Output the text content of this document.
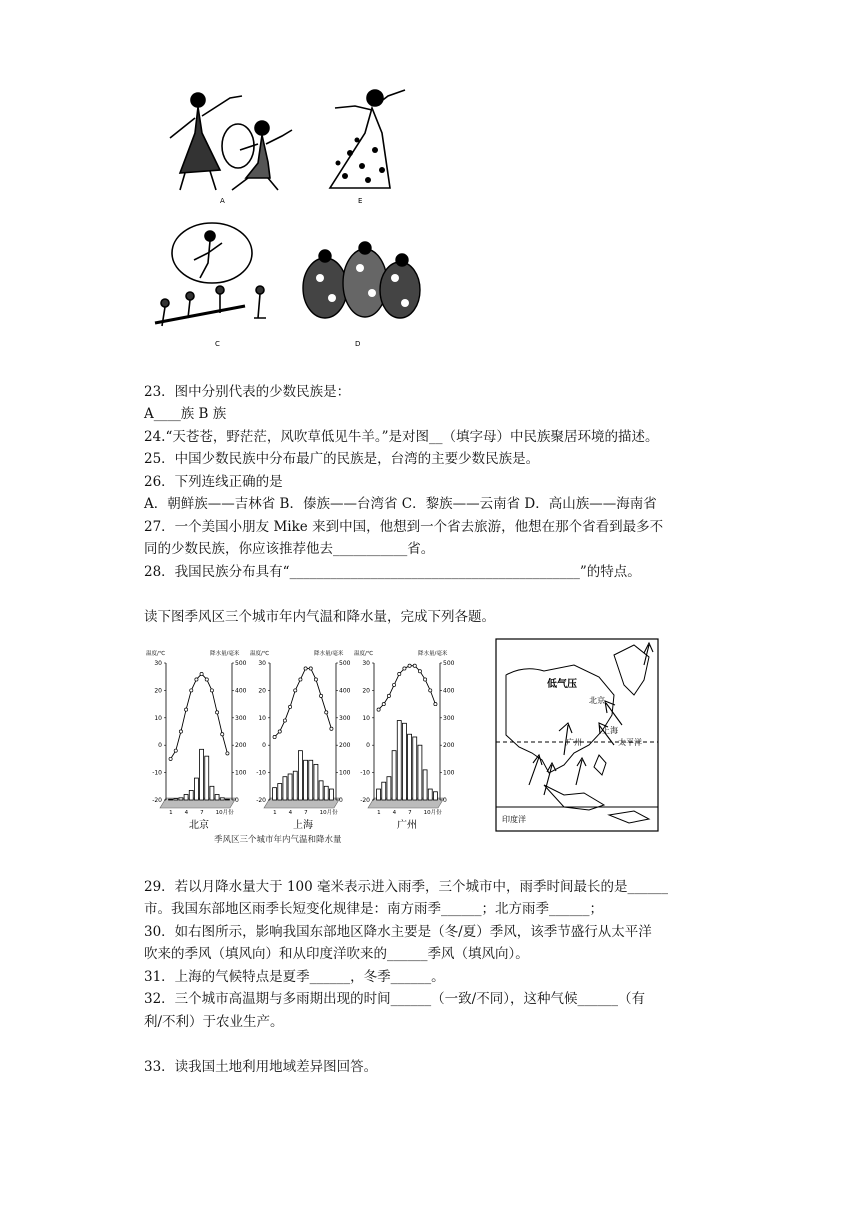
A	E
C	D
23．图中分别代表的少数民族是：
A____族 B 族
24.“天苍苍，野茫茫，风吹草低见牛羊。”是对图__（填字母）中民族聚居环境的描述。
25．中国少数民族中分布最广的民族是，台湾的主要少数民族是。
26．下列连线正确的是
A．朝鲜族——吉林省 B．傣族——台湾省 C．黎族——云南省 D．高山族——海南省
27．一个美国小朋友 Mike 来到中国，他想到一个省去旅游，他想在那个省看到最多不
同的少数民族，你应该推荐他去___________省。
28．我国民族分布具有“___________________________________________”的特点。
读下图季风区三个城市年内气温和降水量，完成下列各题。
季风区三个城市年内气温和降水量
低气压
北京
上海
广州	太平洋
印度洋
温度/℃	降水量/毫米
30
20
10
0
-10
-20
500
400
300
200
100
0
1 4 7 10月份
北京
温度/℃	降水量/毫米
30
20
10
0
-10
-20
500
400
300
200
100
0
1 4 7 10月份
上海
温度/℃	降水量/毫米
30
20
10
0
-10
-20
500
400
300
200
100
0
1 4 7 10月份
广州
29．若以月降水量大于 100 毫米表示进入雨季，三个城市中，雨季时间最长的是______
市。我国东部地区雨季长短变化规律是：南方雨季______；北方雨季______；
30．如右图所示，影响我国东部地区降水主要是（冬/夏）季风，该季节盛行从太平洋
吹来的季风（填风向）和从印度洋吹来的______季风（填风向）。
31．上海的气候特点是夏季______，冬季______。
32．三个城市高温期与多雨期出现的时间______（一致/不同），这种气候______（有
利/不利）于农业生产。
33．读我国土地利用地域差异图回答。
